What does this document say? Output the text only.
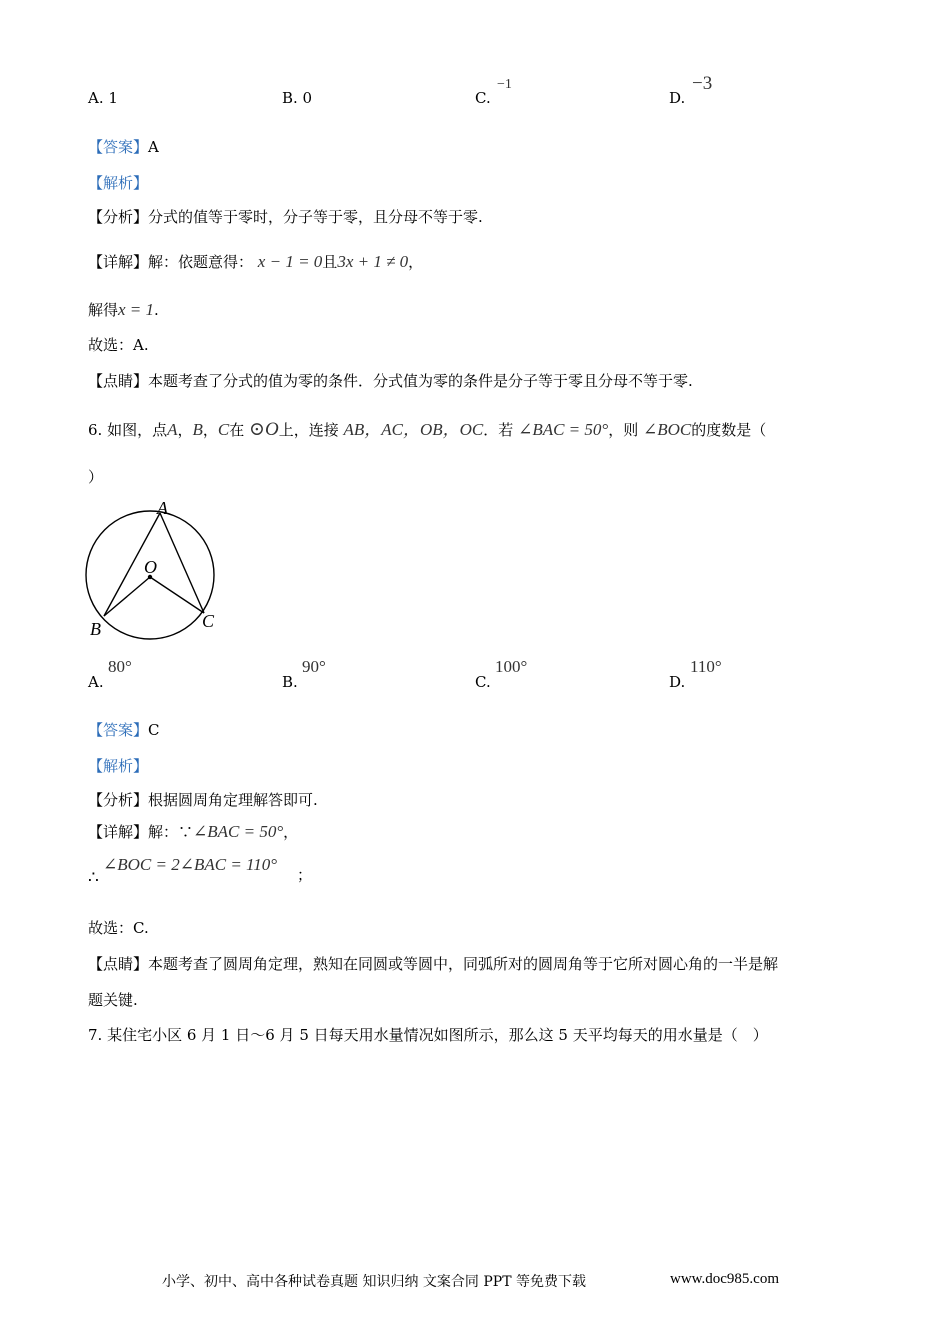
A. 1	B. 0	C.
−1
D.
−3
【答案】A
【解析】
【分析】分式的值等于零时，分子等于零，且分母不等于零.
【详解】解：依题意得： x − 1 = 0且3x + 1 ≠ 0，
解得x = 1.
故选：A.
【点睛】本题考查了分式的值为零的条件．分式值为零的条件是分子等于零且分母不等于零.
6. 如图，点A，B，C在 ⊙O上，连接 AB，AC，OB，OC．若 ∠BAC = 50°，则 ∠BOC的度数是（
）
A
O
B	C
A.
80°
B.
90°
C.
100°
D.
110°
【答案】C
【解析】
【分析】根据圆周角定理解答即可.
【详解】解：∵∠BAC = 50°，
∴
∠BOC = 2∠BAC = 110°
；
故选：C.
【点睛】本题考查了圆周角定理，熟知在同圆或等圆中，同弧所对的圆周角等于它所对圆心角的一半是解
题关键.
7. 某住宅小区 6 月 1 日～6 月 5 日每天用水量情况如图所示，那么这 5 天平均每天的用水量是（　）
小学、初中、高中各种试卷真题 知识归纳 文案合同 PPT 等免费下载	www.doc985.com
